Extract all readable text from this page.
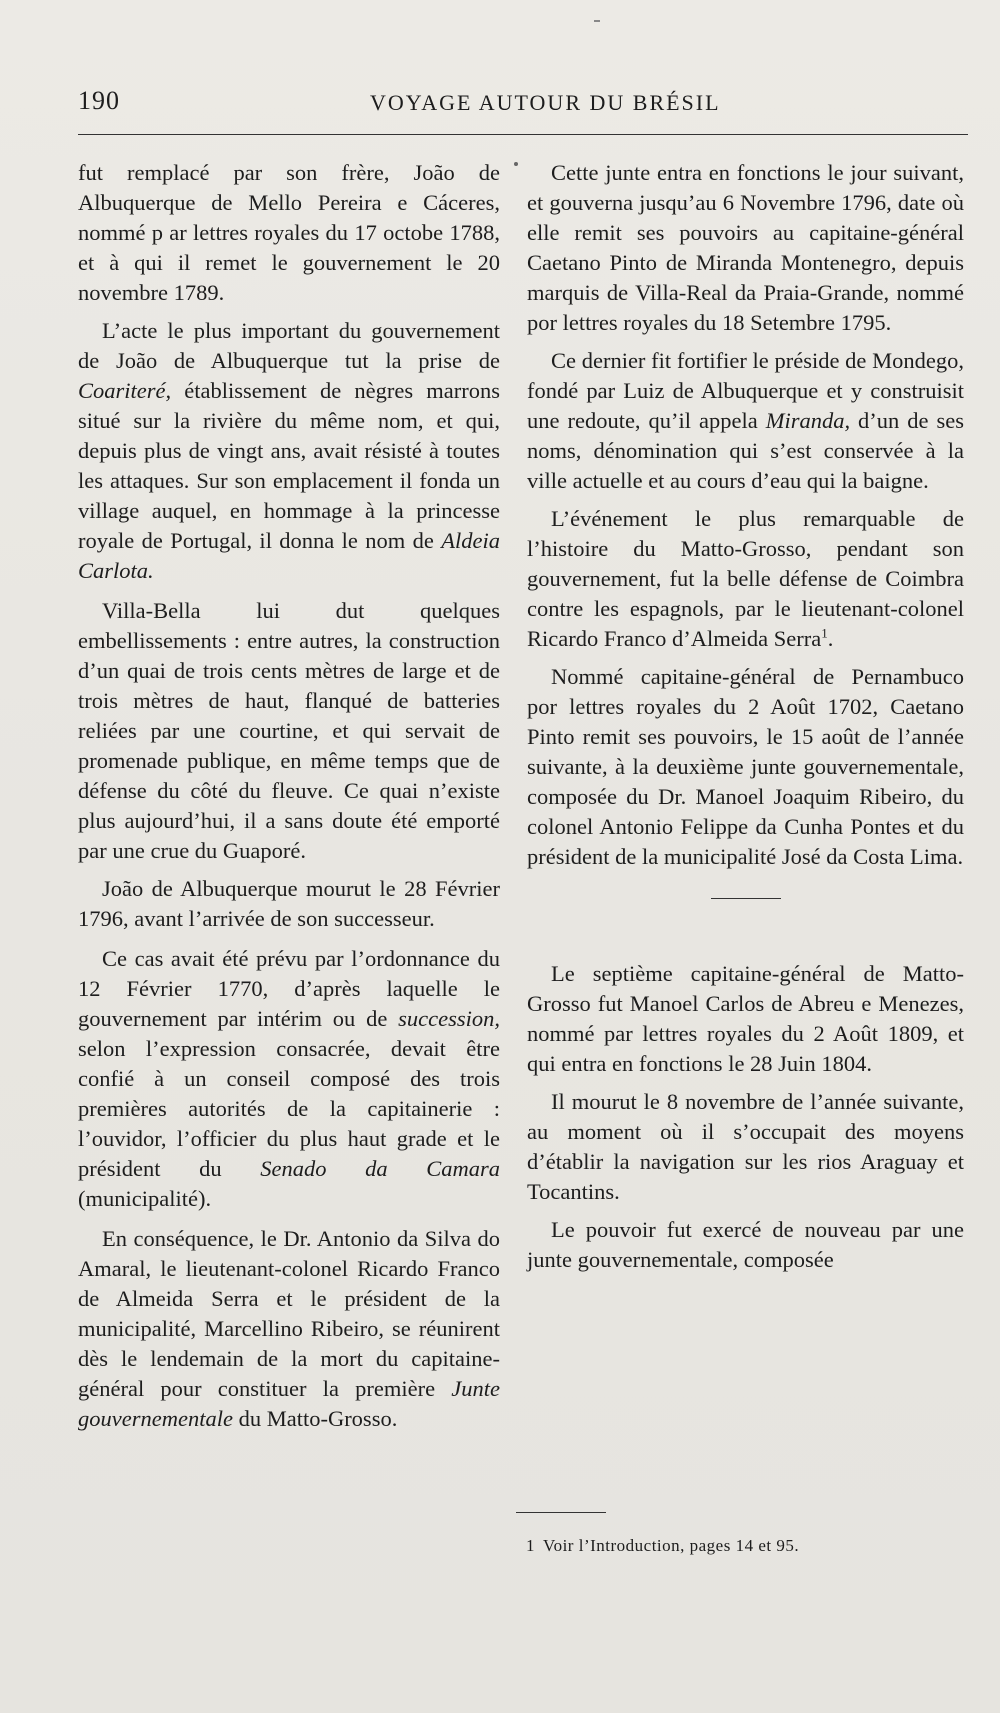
190	VOYAGE AUTOUR DU BRÉSIL

fut remplacé par son frère, João de Albuquerque de Mello Pereira e Cáceres, nommé p ar lettres royales du 17 octobe 1788, et à qui il remet le gouvernement le 20 novembre 1789.

L’acte le plus important du gouvernement de João de Albuquerque tut la prise de Coariteré, établissement de nègres marrons situé sur la rivière du même nom, et qui, depuis plus de vingt ans, avait résisté à toutes les attaques. Sur son emplacement il fonda un village auquel, en hommage à la princesse royale de Portugal, il donna le nom de Aldeia Carlota.

Villa-Bella lui dut quelques embellissements : entre autres, la construction d’un quai de trois cents mètres de large et de trois mètres de haut, flanqué de batteries reliées par une courtine, et qui servait de promenade publique, en même temps que de défense du côté du fleuve. Ce quai n’existe plus aujourd’hui, il a sans doute été emporté par une crue du Guaporé.

João de Albuquerque mourut le 28 Février 1796, avant l’arrivée de son successeur.

Ce cas avait été prévu par l’ordonnance du 12 Février 1770, d’après laquelle le gouvernement par intérim ou de succession, selon l’expression consacrée, devait être confié à un conseil composé des trois premières autorités de la capitainerie : l’ouvidor, l’officier du plus haut grade et le président du Senado da Camara (municipalité).

En conséquence, le Dr. Antonio da Silva do Amaral, le lieutenant-colonel Ricardo Franco de Almeida Serra et le président de la municipalité, Marcellino Ribeiro, se réunirent dès le lendemain de la mort du capitaine-général pour constituer la première Junte gouvernementale du Matto-Grosso.

Cette junte entra en fonctions le jour suivant, et gouverna jusqu’au 6 Novembre 1796, date où elle remit ses pouvoirs au capitaine-général Caetano Pinto de Miranda Montenegro, depuis marquis de Villa-Real da Praia-Grande, nommé por lettres royales du 18 Setembre 1795.

Ce dernier fit fortifier le préside de Mondego, fondé par Luiz de Albuquerque et y construisit une redoute, qu’il appela Miranda, d’un de ses noms, dénomination qui s’est conservée à la ville actuelle et au cours d’eau qui la baigne.

L’événement le plus remarquable de l’histoire du Matto-Grosso, pendant son gouvernement, fut la belle défense de Coimbra contre les espagnols, par le lieutenant-colonel Ricardo Franco d’Almeida Serra$^1$.

Nommé capitaine-général de Pernambuco por lettres royales du 2 Août 1702, Caetano Pinto remit ses pouvoirs, le 15 août de l’année suivante, à la deuxième junte gouvernementale, composée du Dr. Manoel Joaquim Ribeiro, du colonel Antonio Felippe da Cunha Pontes et du président de la municipalité José da Costa Lima.

Le septième capitaine-général de Matto-Grosso fut Manoel Carlos de Abreu e Menezes, nommé par lettres royales du 2 Août 1809, et qui entra en fonctions le 28 Juin 1804.

Il mourut le 8 novembre de l’année suivante, au moment où il s’occupait des moyens d’établir la navigation sur les rios Araguay et Tocantins.

Le pouvoir fut exercé de nouveau par une junte gouvernementale, composée

1 Voir l’Introduction, pages 14 et 95.
